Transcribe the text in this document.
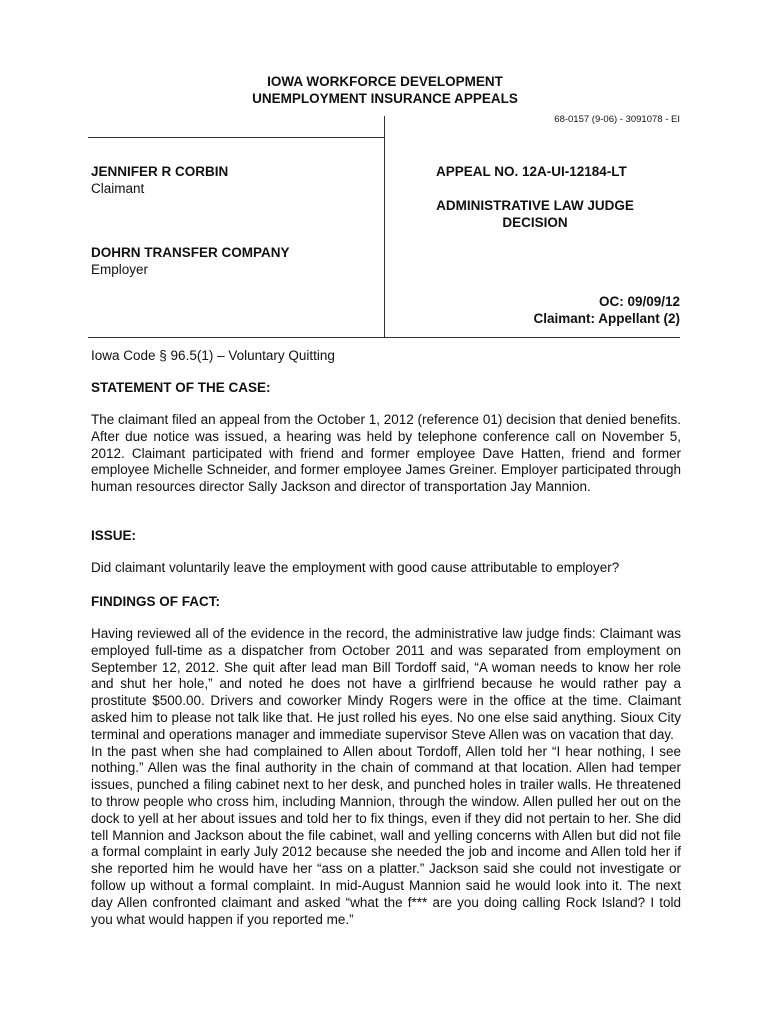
IOWA WORKFORCE DEVELOPMENT
UNEMPLOYMENT INSURANCE APPEALS
68-0157 (9-06) - 3091078 - EI
JENNIFER R CORBIN
Claimant
DOHRN TRANSFER COMPANY
Employer
APPEAL NO. 12A-UI-12184-LT
ADMINISTRATIVE LAW JUDGE
DECISION
OC: 09/09/12
Claimant: Appellant (2)
Iowa Code § 96.5(1) – Voluntary Quitting
STATEMENT OF THE CASE:
The claimant filed an appeal from the October 1, 2012 (reference 01) decision that denied benefits. After due notice was issued, a hearing was held by telephone conference call on November 5, 2012. Claimant participated with friend and former employee Dave Hatten, friend and former employee Michelle Schneider, and former employee James Greiner. Employer participated through human resources director Sally Jackson and director of transportation Jay Mannion.
ISSUE:
Did claimant voluntarily leave the employment with good cause attributable to employer?
FINDINGS OF FACT:

Having reviewed all of the evidence in the record, the administrative law judge finds: Claimant was employed full-time as a dispatcher from October 2011 and was separated from employment on September 12, 2012. She quit after lead man Bill Tordoff said, “A woman needs to know her role and shut her hole,” and noted he does not have a girlfriend because he would rather pay a prostitute $500.00. Drivers and coworker Mindy Rogers were in the office at the time. Claimant asked him to please not talk like that. He just rolled his eyes. No one else said anything. Sioux City terminal and operations manager and immediate supervisor Steve Allen was on vacation that day.

In the past when she had complained to Allen about Tordoff, Allen told her “I hear nothing, I see nothing.” Allen was the final authority in the chain of command at that location. Allen had temper issues, punched a filing cabinet next to her desk, and punched holes in trailer walls. He threatened to throw people who cross him, including Mannion, through the window. Allen pulled her out on the dock to yell at her about issues and told her to fix things, even if they did not pertain to her. She did tell Mannion and Jackson about the file cabinet, wall and yelling concerns with Allen but did not file a formal complaint in early July 2012 because she needed the job and income and Allen told her if she reported him he would have her “ass on a platter.” Jackson said she could not investigate or follow up without a formal complaint. In mid-August Mannion said he would look into it. The next day Allen confronted claimant and asked “what the f*** are you doing calling Rock Island? I told you what would happen if you reported me.”
